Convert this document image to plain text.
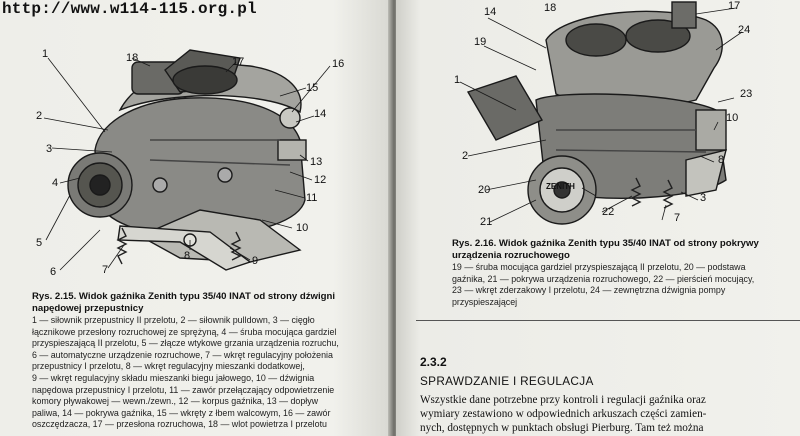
1
2
3
4
5
6	7
8	9
10
11
12
13
14
15
16
17
18
Rys. 2.15. Widok gaźnika Zenith typu 35/40 INAT od strony dźwigni
napędowej przepustnicy
1 — siłownik przepustnicy II przelotu, 2 — siłownik pulldown, 3 — cięgło
łącznikowe przesłony rozruchowej ze sprężyną, 4 — śruba mocująca gardziel
przyspieszającą II przelotu, 5 — złącze wtykowe grzania urządzenia rozruchu,
6 — automatyczne urządzenie rozruchowe, 7 — wkręt regulacyjny położenia
przepustnicy I przelotu, 8 — wkręt regulacyjny mieszanki dodatkowej,
9 — wkręt regulacyjny składu mieszanki biegu jałowego, 10 — dźwignia
napędowa przepustnicy I przelotu, 11 — zawór przełączający odpowietrzenie
komory pływakowej — wewn./zewn., 12 — korpus gaźnika, 13 — dopływ
paliwa, 14 — pokrywa gaźnika, 15 — wkręty z łbem walcowym, 16 — zawór
oszczędzacza, 17 — przesłona rozruchowa, 18 — wlot powietrza I przelotu
14	18	17
19
24
1
23
10
2	8
20
3
22
21	7
ZENITH
Rys. 2.16. Widok gaźnika Zenith typu 35/40 INAT od strony pokrywy
urządzenia rozruchowego
19 — śruba mocująca gardziel przyspieszającą II przelotu, 20 — podstawa
gaźnika, 21 — pokrywa urządzenia rozruchowego, 22 — pierścień mocujący,
23 — wkręt zderzakowy I przelotu, 24 — zewnętrzna dźwignia pompy
przyspieszającej
2.3.2
SPRAWDZANIE I REGULACJA
Wszystkie dane potrzebne przy kontroli i regulacji gaźnika oraz
wymiary zestawiono w odpowiednich arkuszach części zamien-
nych, dostępnych w punktach obsługi Pierburg. Tam też można
http://www.w114-115.org.pl
